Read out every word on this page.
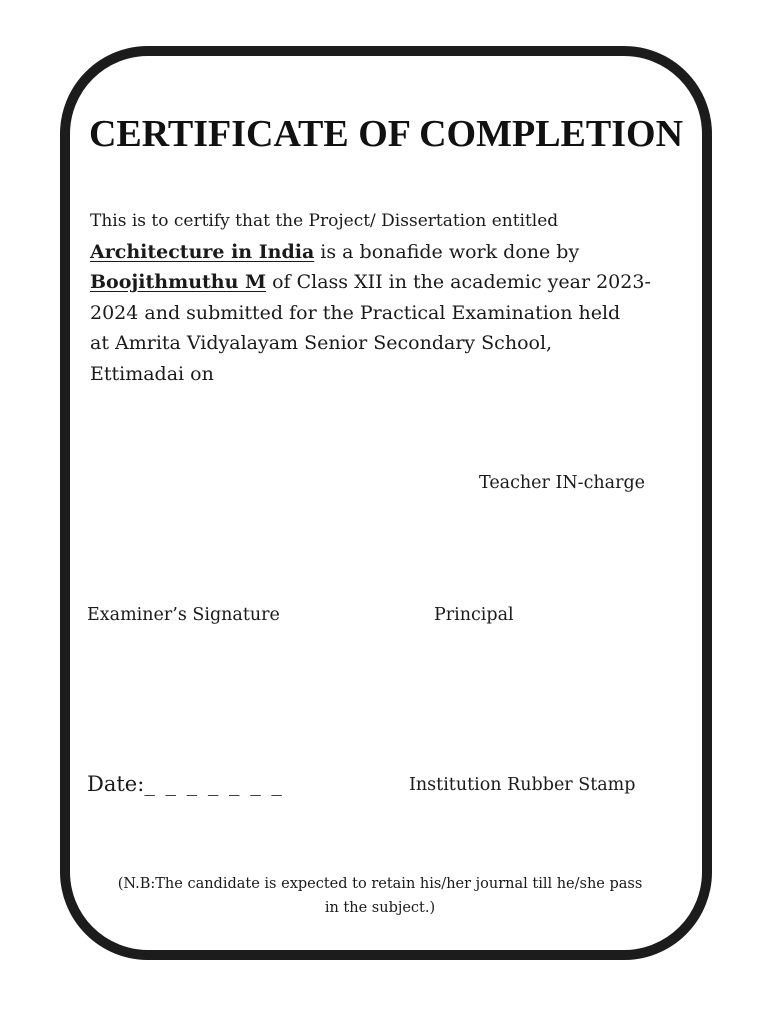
CERTIFICATE OF COMPLETION
This is to certify that the Project/ Dissertation entitled
Architecture in India is a bonafide work done by
Boojithmuthu M of Class XII in the academic year 2023-
2024 and submitted for the Practical Examination held
at Amrita Vidyalayam Senior Secondary School,
Ettimadai on
Teacher IN-charge
Examiner’s Signature	Principal
Date:_ _ _ _ _ _ _	Institution Rubber Stamp
(N.B:The candidate is expected to retain his/her journal till he/she pass
in the subject.)
